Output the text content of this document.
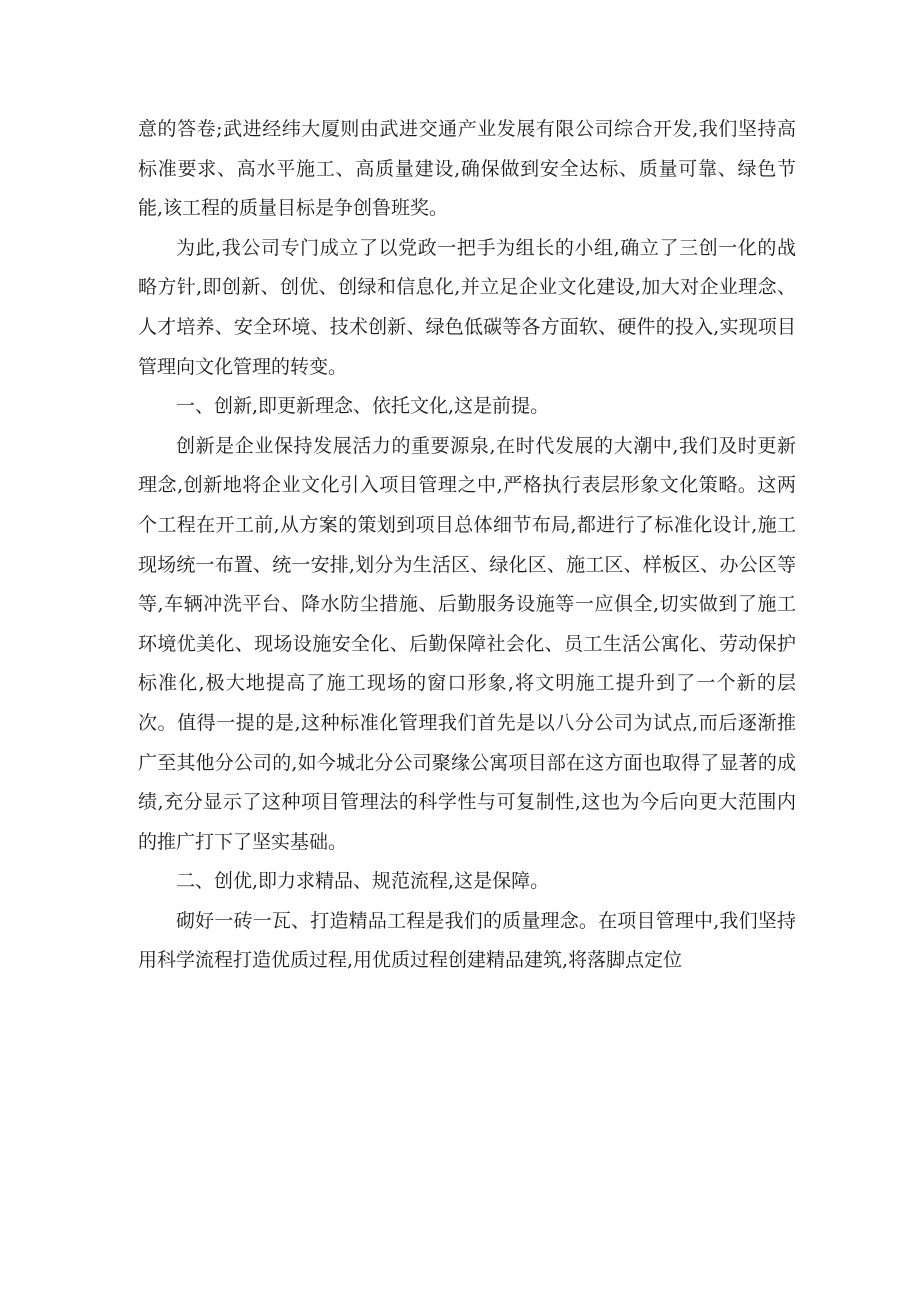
意的答卷;武进经纬大厦则由武进交通产业发展有限公司综合开发,我们坚持高标准要求、高水平施工、高质量建设,确保做到安全达标、质量可靠、绿色节能,该工程的质量目标是争创鲁班奖。

为此,我公司专门成立了以党政一把手为组长的小组,确立了三创一化的战略方针,即创新、创优、创绿和信息化,并立足企业文化建设,加大对企业理念、人才培养、安全环境、技术创新、绿色低碳等各方面软、硬件的投入,实现项目管理向文化管理的转变。

一、创新,即更新理念、依托文化,这是前提。

创新是企业保持发展活力的重要源泉,在时代发展的大潮中,我们及时更新理念,创新地将企业文化引入项目管理之中,严格执行表层形象文化策略。这两个工程在开工前,从方案的策划到项目总体细节布局,都进行了标准化设计,施工现场统一布置、统一安排,划分为生活区、绿化区、施工区、样板区、办公区等等,车辆冲洗平台、降水防尘措施、后勤服务设施等一应俱全,切实做到了施工环境优美化、现场设施安全化、后勤保障社会化、员工生活公寓化、劳动保护标准化,极大地提高了施工现场的窗口形象,将文明施工提升到了一个新的层次。值得一提的是,这种标准化管理我们首先是以八分公司为试点,而后逐渐推广至其他分公司的,如今城北分公司聚缘公寓项目部在这方面也取得了显著的成绩,充分显示了这种项目管理法的科学性与可复制性,这也为今后向更大范围内的推广打下了坚实基础。

二、创优,即力求精品、规范流程,这是保障。

砌好一砖一瓦、打造精品工程是我们的质量理念。在项目管理中,我们坚持用科学流程打造优质过程,用优质过程创建精品建筑,将落脚点定位
